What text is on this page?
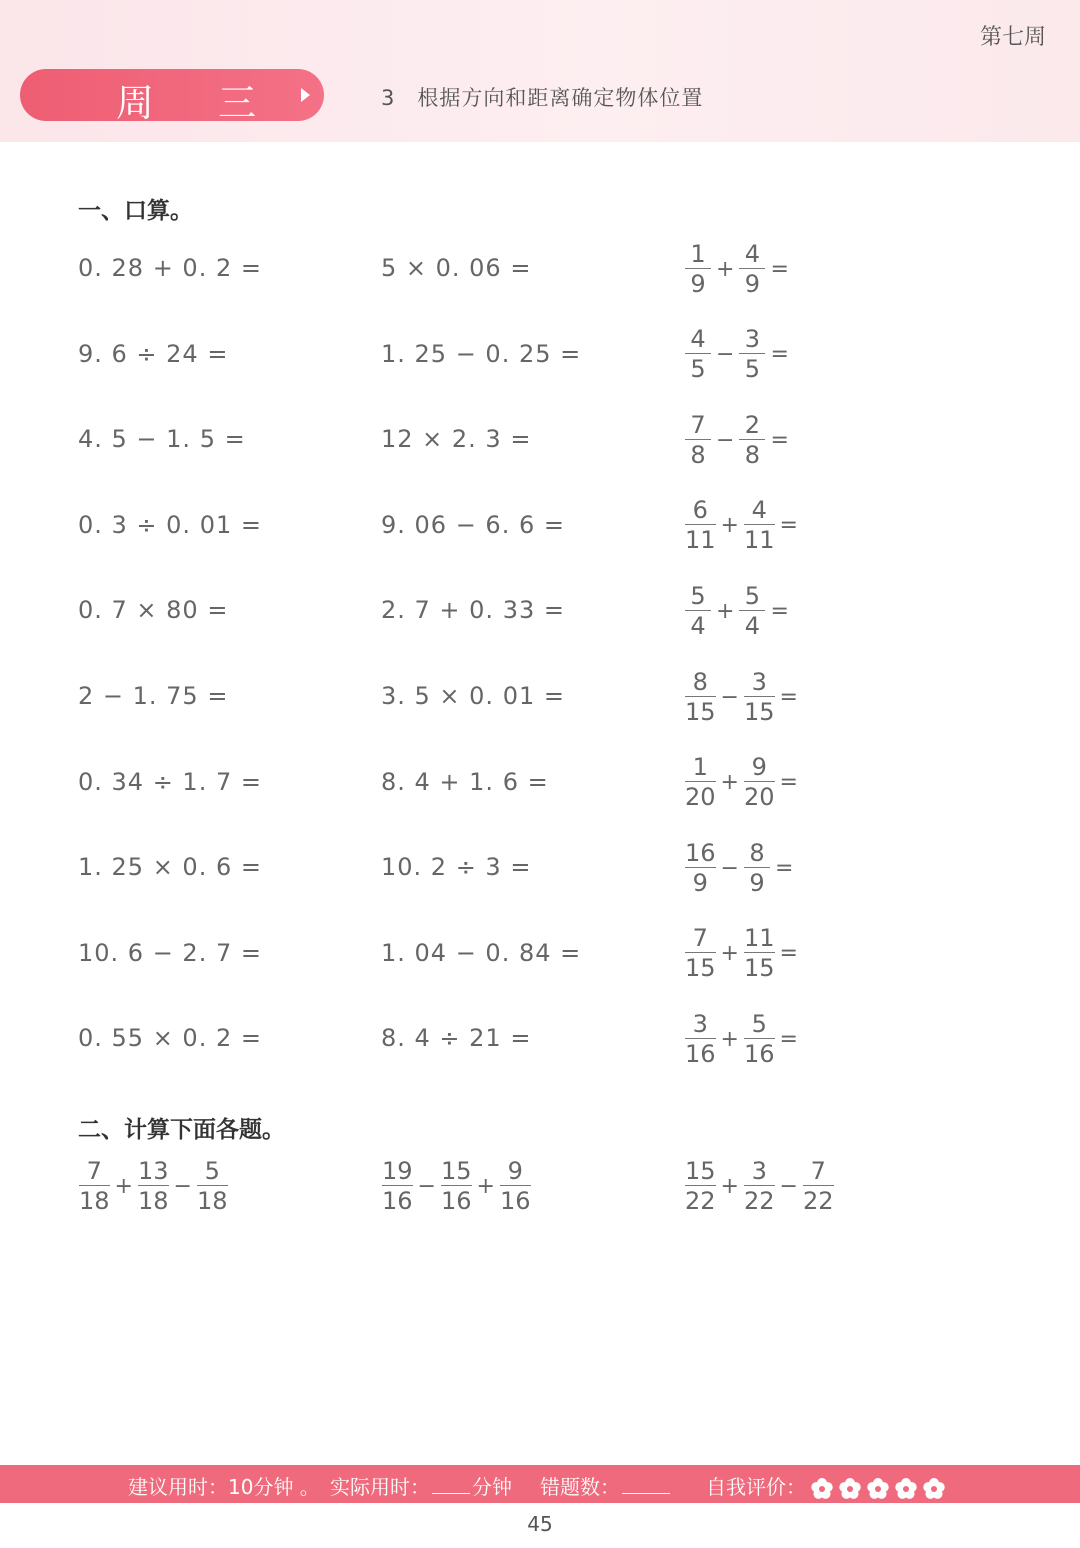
第七周
周 三	3　根据方向和距离确定物体位置
一、口算。
0. 28 + 0. 2 =	5 × 0. 06 =	$\frac{1}{9} + \frac{4}{9}$ =
9. 6 ÷ 24 =	1. 25 − 0. 25 =	$\frac{4}{5} - \frac{3}{5}$ =
4. 5 − 1. 5 =	12 × 2. 3 =	$\frac{7}{8} - \frac{2}{8}$ =
0. 3 ÷ 0. 01 =	9. 06 − 6. 6 =	$\frac{6}{11} + \frac{4}{11}$ =
0. 7 × 80 =	2. 7 + 0. 33 =	$\frac{5}{4} + \frac{5}{4}$ =
2 − 1. 75 =	3. 5 × 0. 01 =	$\frac{8}{15} - \frac{3}{15}$ =
0. 34 ÷ 1. 7 =	8. 4 + 1. 6 =	$\frac{1}{20} + \frac{9}{20}$ =
1. 25 × 0. 6 =	10. 2 ÷ 3 =	$\frac{16}{9} - \frac{8}{9}$ =
10. 6 − 2. 7 =	1. 04 − 0. 84 =	$\frac{7}{15} + \frac{11}{15}$ =
0. 55 × 0. 2 =	8. 4 ÷ 21 =	$\frac{3}{16} + \frac{5}{16}$ =
二、计算下面各题。
$\frac{7}{18} + \frac{13}{18} - \frac{5}{18}$	$\frac{19}{16} - \frac{15}{16} + \frac{9}{16}$	$\frac{15}{22} + \frac{3}{22} - \frac{7}{22}$
建议用时：10分钟 。 实际用时： 分钟 错题数：	自我评价：
45
